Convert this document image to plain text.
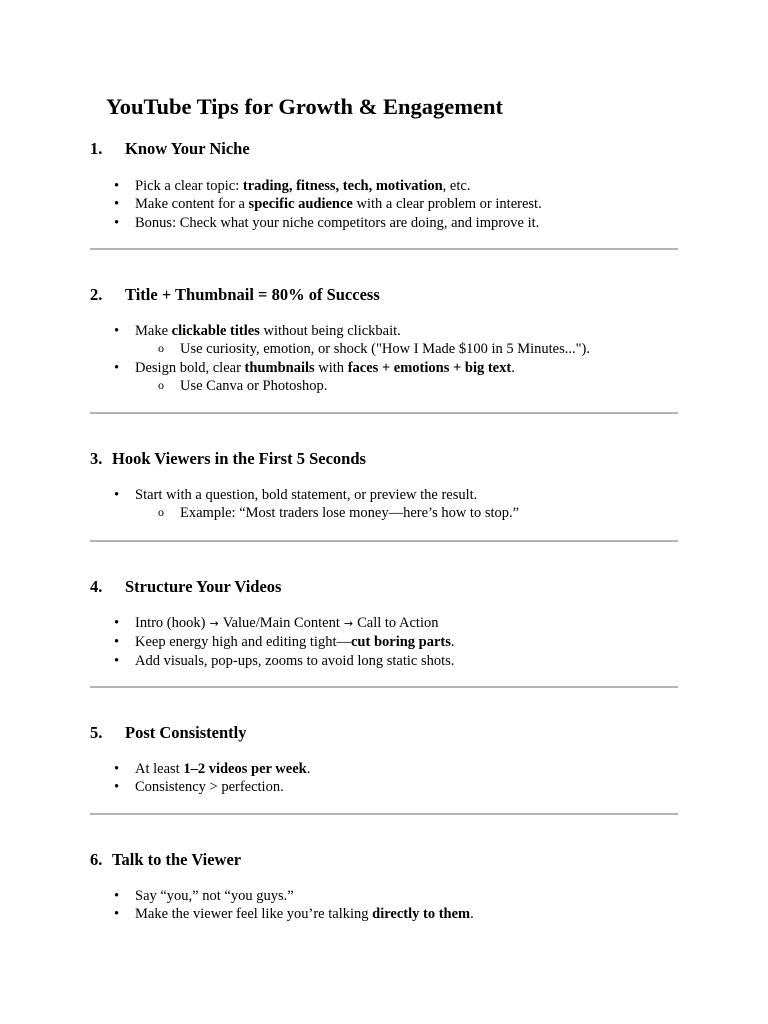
YouTube Tips for Growth & Engagement
1. Know Your Niche
• Pick a clear topic: trading, fitness, tech, motivation, etc.
• Make content for a specific audience with a clear problem or interest.
• Bonus: Check what your niche competitors are doing, and improve it.
2. Title + Thumbnail = 80% of Success
• Make clickable titles without being clickbait.
o Use curiosity, emotion, or shock ("How I Made $100 in 5 Minutes...").
• Design bold, clear thumbnails with faces + emotions + big text.
o Use Canva or Photoshop.
3. Hook Viewers in the First 5 Seconds
• Start with a question, bold statement, or preview the result.
o Example: “Most traders lose money—here’s how to stop.”
4. Structure Your Videos
• Intro (hook) → Value/Main Content → Call to Action
• Keep energy high and editing tight—cut boring parts.
• Add visuals, pop-ups, zooms to avoid long static shots.
5. Post Consistently
• At least 1–2 videos per week.
• Consistency > perfection.
6. Talk to the Viewer
• Say “you,” not “you guys.”
• Make the viewer feel like you’re talking directly to them.
